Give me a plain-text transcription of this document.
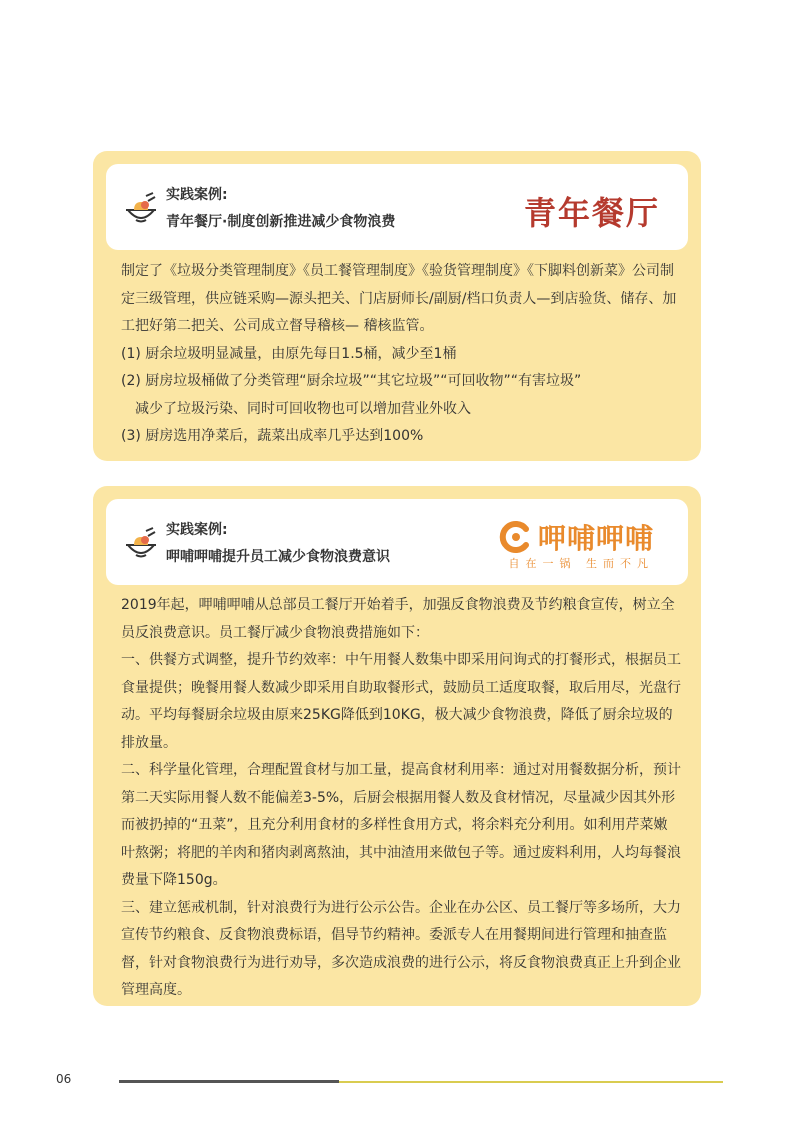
实践案例:
青年餐厅·制度创新推进减少食物浪费	青年餐厅

制定了《垃圾分类管理制度》《员工餐管理制度》《验货管理制度》《下脚料创新菜》公司制定三级管理，供应链采购—源头把关、门店厨师长/副厨/档口负责人—到店验货、储存、加工把好第二把关、公司成立督导稽核— 稽核监管。

(1) 厨余垃圾明显减量，由原先每日1.5桶，减少至1桶

(2) 厨房垃圾桶做了分类管理“厨余垃圾”“其它垃圾”“可回收物”“有害垃圾”

减少了垃圾污染、同时可回收物也可以增加营业外收入

(3) 厨房选用净菜后，蔬菜出成率几乎达到100%

实践案例:
呷哺呷哺提升员工减少食物浪费意识
呷哺呷哺
自在一锅 生而不凡

2019年起，呷哺呷哺从总部员工餐厅开始着手，加强反食物浪费及节约粮食宣传，树立全员反浪费意识。员工餐厅减少食物浪费措施如下：

一、供餐方式调整，提升节约效率：中午用餐人数集中即采用问询式的打餐形式，根据员工食量提供；晚餐用餐人数减少即采用自助取餐形式，鼓励员工适度取餐，取后用尽，光盘行动。平均每餐厨余垃圾由原来25KG降低到10KG，极大减少食物浪费，降低了厨余垃圾的排放量。

二、科学量化管理，合理配置食材与加工量，提高食材利用率：通过对用餐数据分析，预计第二天实际用餐人数不能偏差3-5%，后厨会根据用餐人数及食材情况，尽量减少因其外形而被扔掉的“丑菜”，且充分利用食材的多样性食用方式，将余料充分利用。如利用芹菜嫩叶熬粥；将肥的羊肉和猪肉剥离熬油，其中油渣用来做包子等。通过废料利用，人均每餐浪费量下降150g。

三、建立惩戒机制，针对浪费行为进行公示公告。企业在办公区、员工餐厅等多场所，大力宣传节约粮食、反食物浪费标语，倡导节约精神。委派专人在用餐期间进行管理和抽查监督，针对食物浪费行为进行劝导，多次造成浪费的进行公示，将反食物浪费真正上升到企业管理高度。

06
